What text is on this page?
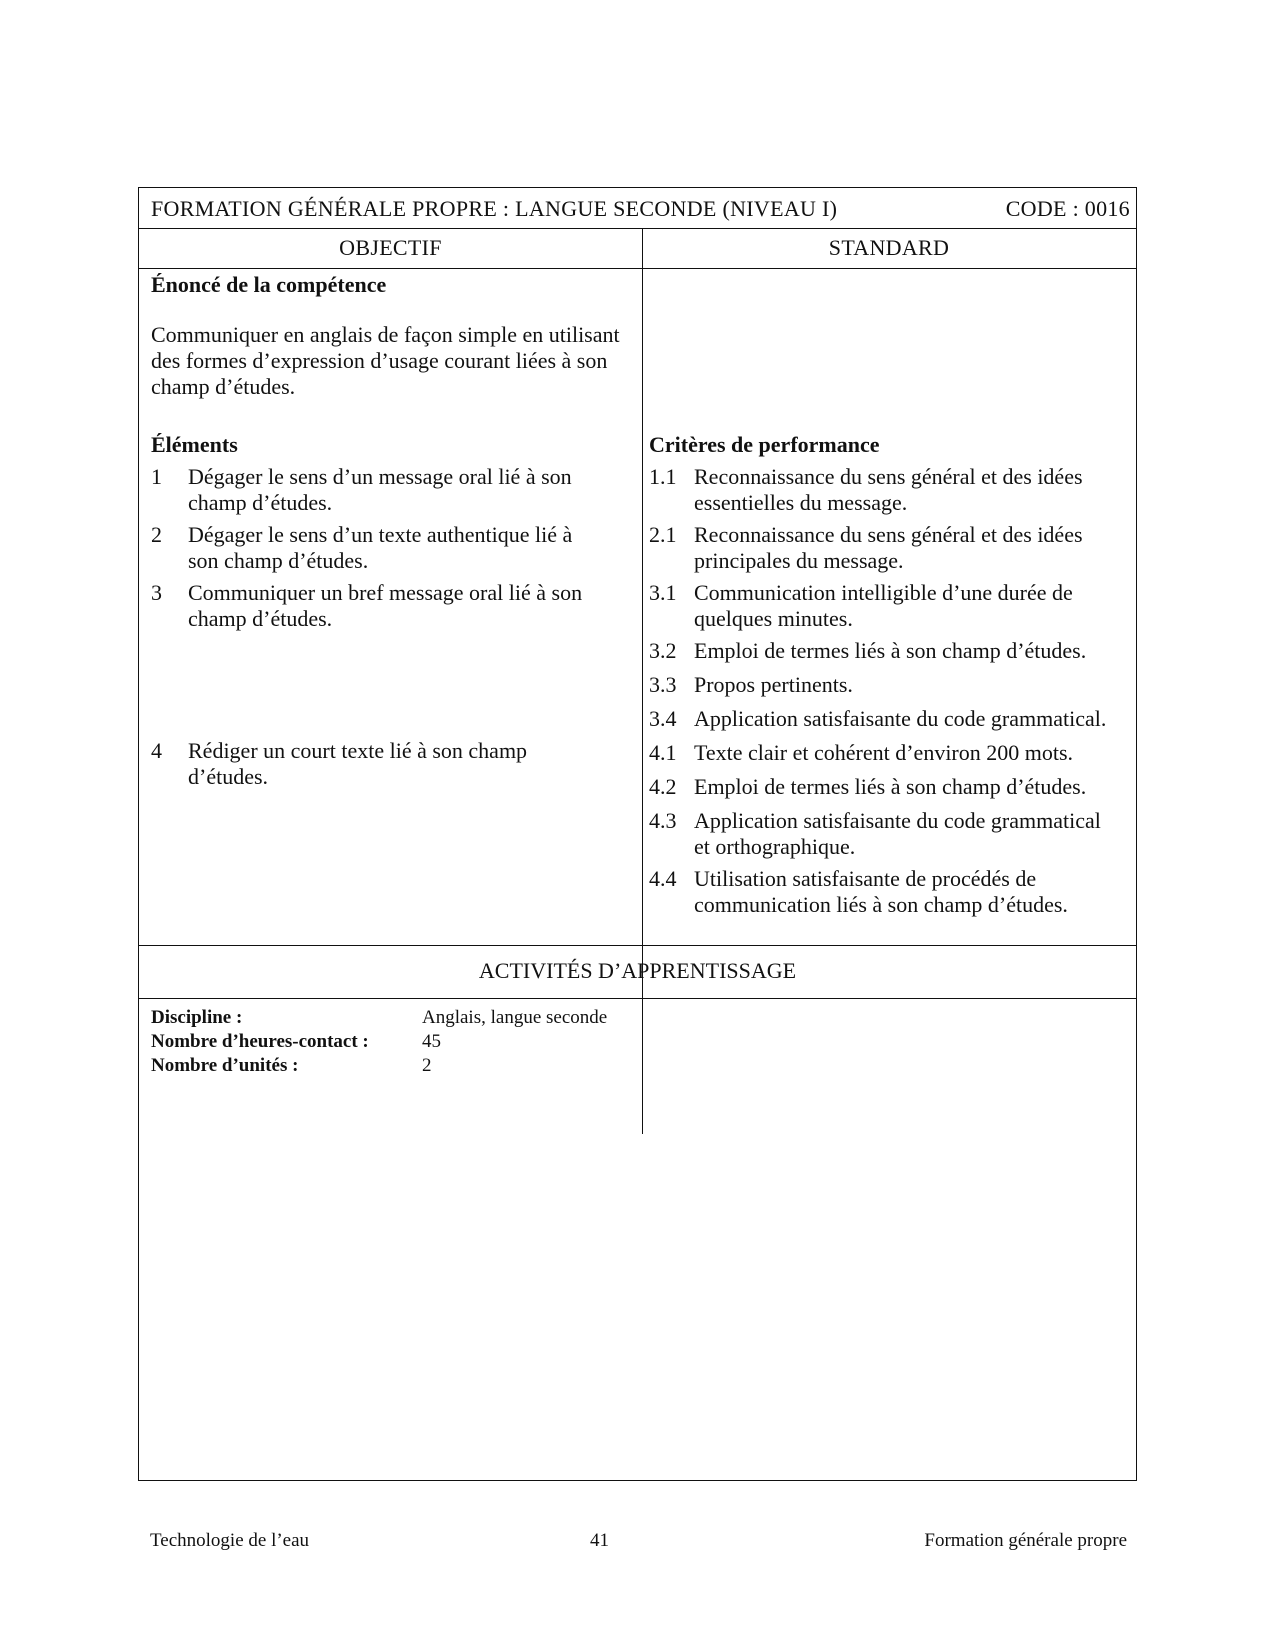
FORMATION GÉNÉRALE PROPRE : LANGUE SECONDE (NIVEAU I)	CODE : 0016
OBJECTIF	STANDARD
Énoncé de la compétence
Communiquer en anglais de façon simple en utilisant
des formes d’expression d’usage courant liées à son
champ d’études.
Éléments
1 Dégager le sens d’un message oral lié à son
champ d’études.
2 Dégager le sens d’un texte authentique lié à
son champ d’études.
3 Communiquer un bref message oral lié à son
champ d’études.
4 Rédiger un court texte lié à son champ
d’études.
Critères de performance
1.1 Reconnaissance du sens général et des idées
essentielles du message.
2.1 Reconnaissance du sens général et des idées
principales du message.
3.1 Communication intelligible d’une durée de
quelques minutes.
3.2 Emploi de termes liés à son champ d’études.
3.3 Propos pertinents.
3.4 Application satisfaisante du code grammatical.
4.1 Texte clair et cohérent d’environ 200 mots.
4.2 Emploi de termes liés à son champ d’études.
4.3 Application satisfaisante du code grammatical
et orthographique.
4.4 Utilisation satisfaisante de procédés de
communication liés à son champ d’études.
ACTIVITÉS D’APPRENTISSAGE
Discipline :	Anglais, langue seconde
Nombre d’heures-contact :	45
Nombre d’unités :	2
Technologie de l’eau	41	Formation générale propre
